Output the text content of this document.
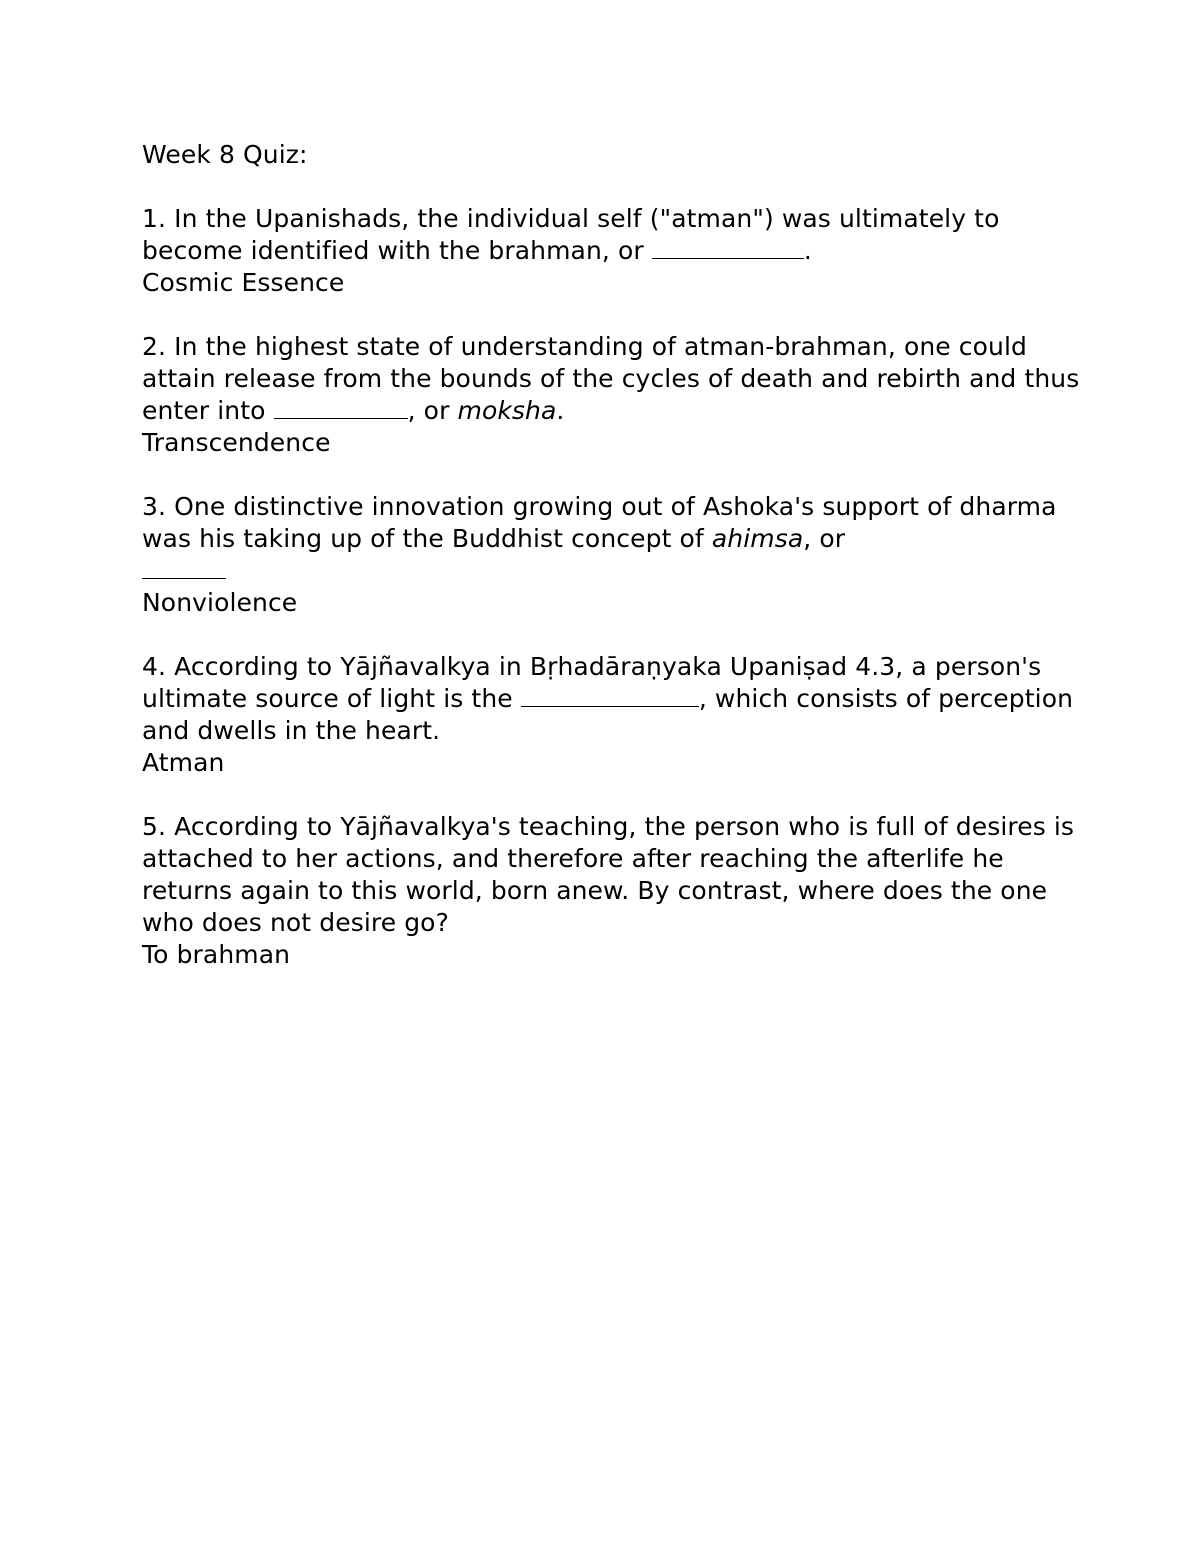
Week 8 Quiz:

1. In the Upanishads, the individual self ("atman") was ultimately to become identified with the brahman, or	.

Cosmic Essence

2. In the highest state of understanding of atman-brahman, one could attain release from the bounds of the cycles of death and rebirth and thus enter into	, or moksha.

Transcendence

3. One distinctive innovation growing out of Ashoka's support of dharma was his taking up of the Buddhist concept of ahimsa, or

Nonviolence

4. According to Yājñavalkya in Bṛhadāraṇyaka Upaniṣad 4.3, a person's ultimate source of light is the	, which consists of perception and dwells in the heart.

Atman

5. According to Yājñavalkya's teaching, the person who is full of desires is attached to her actions, and therefore after reaching the afterlife he returns again to this world, born anew. By contrast, where does the one who does not desire go?

To brahman
